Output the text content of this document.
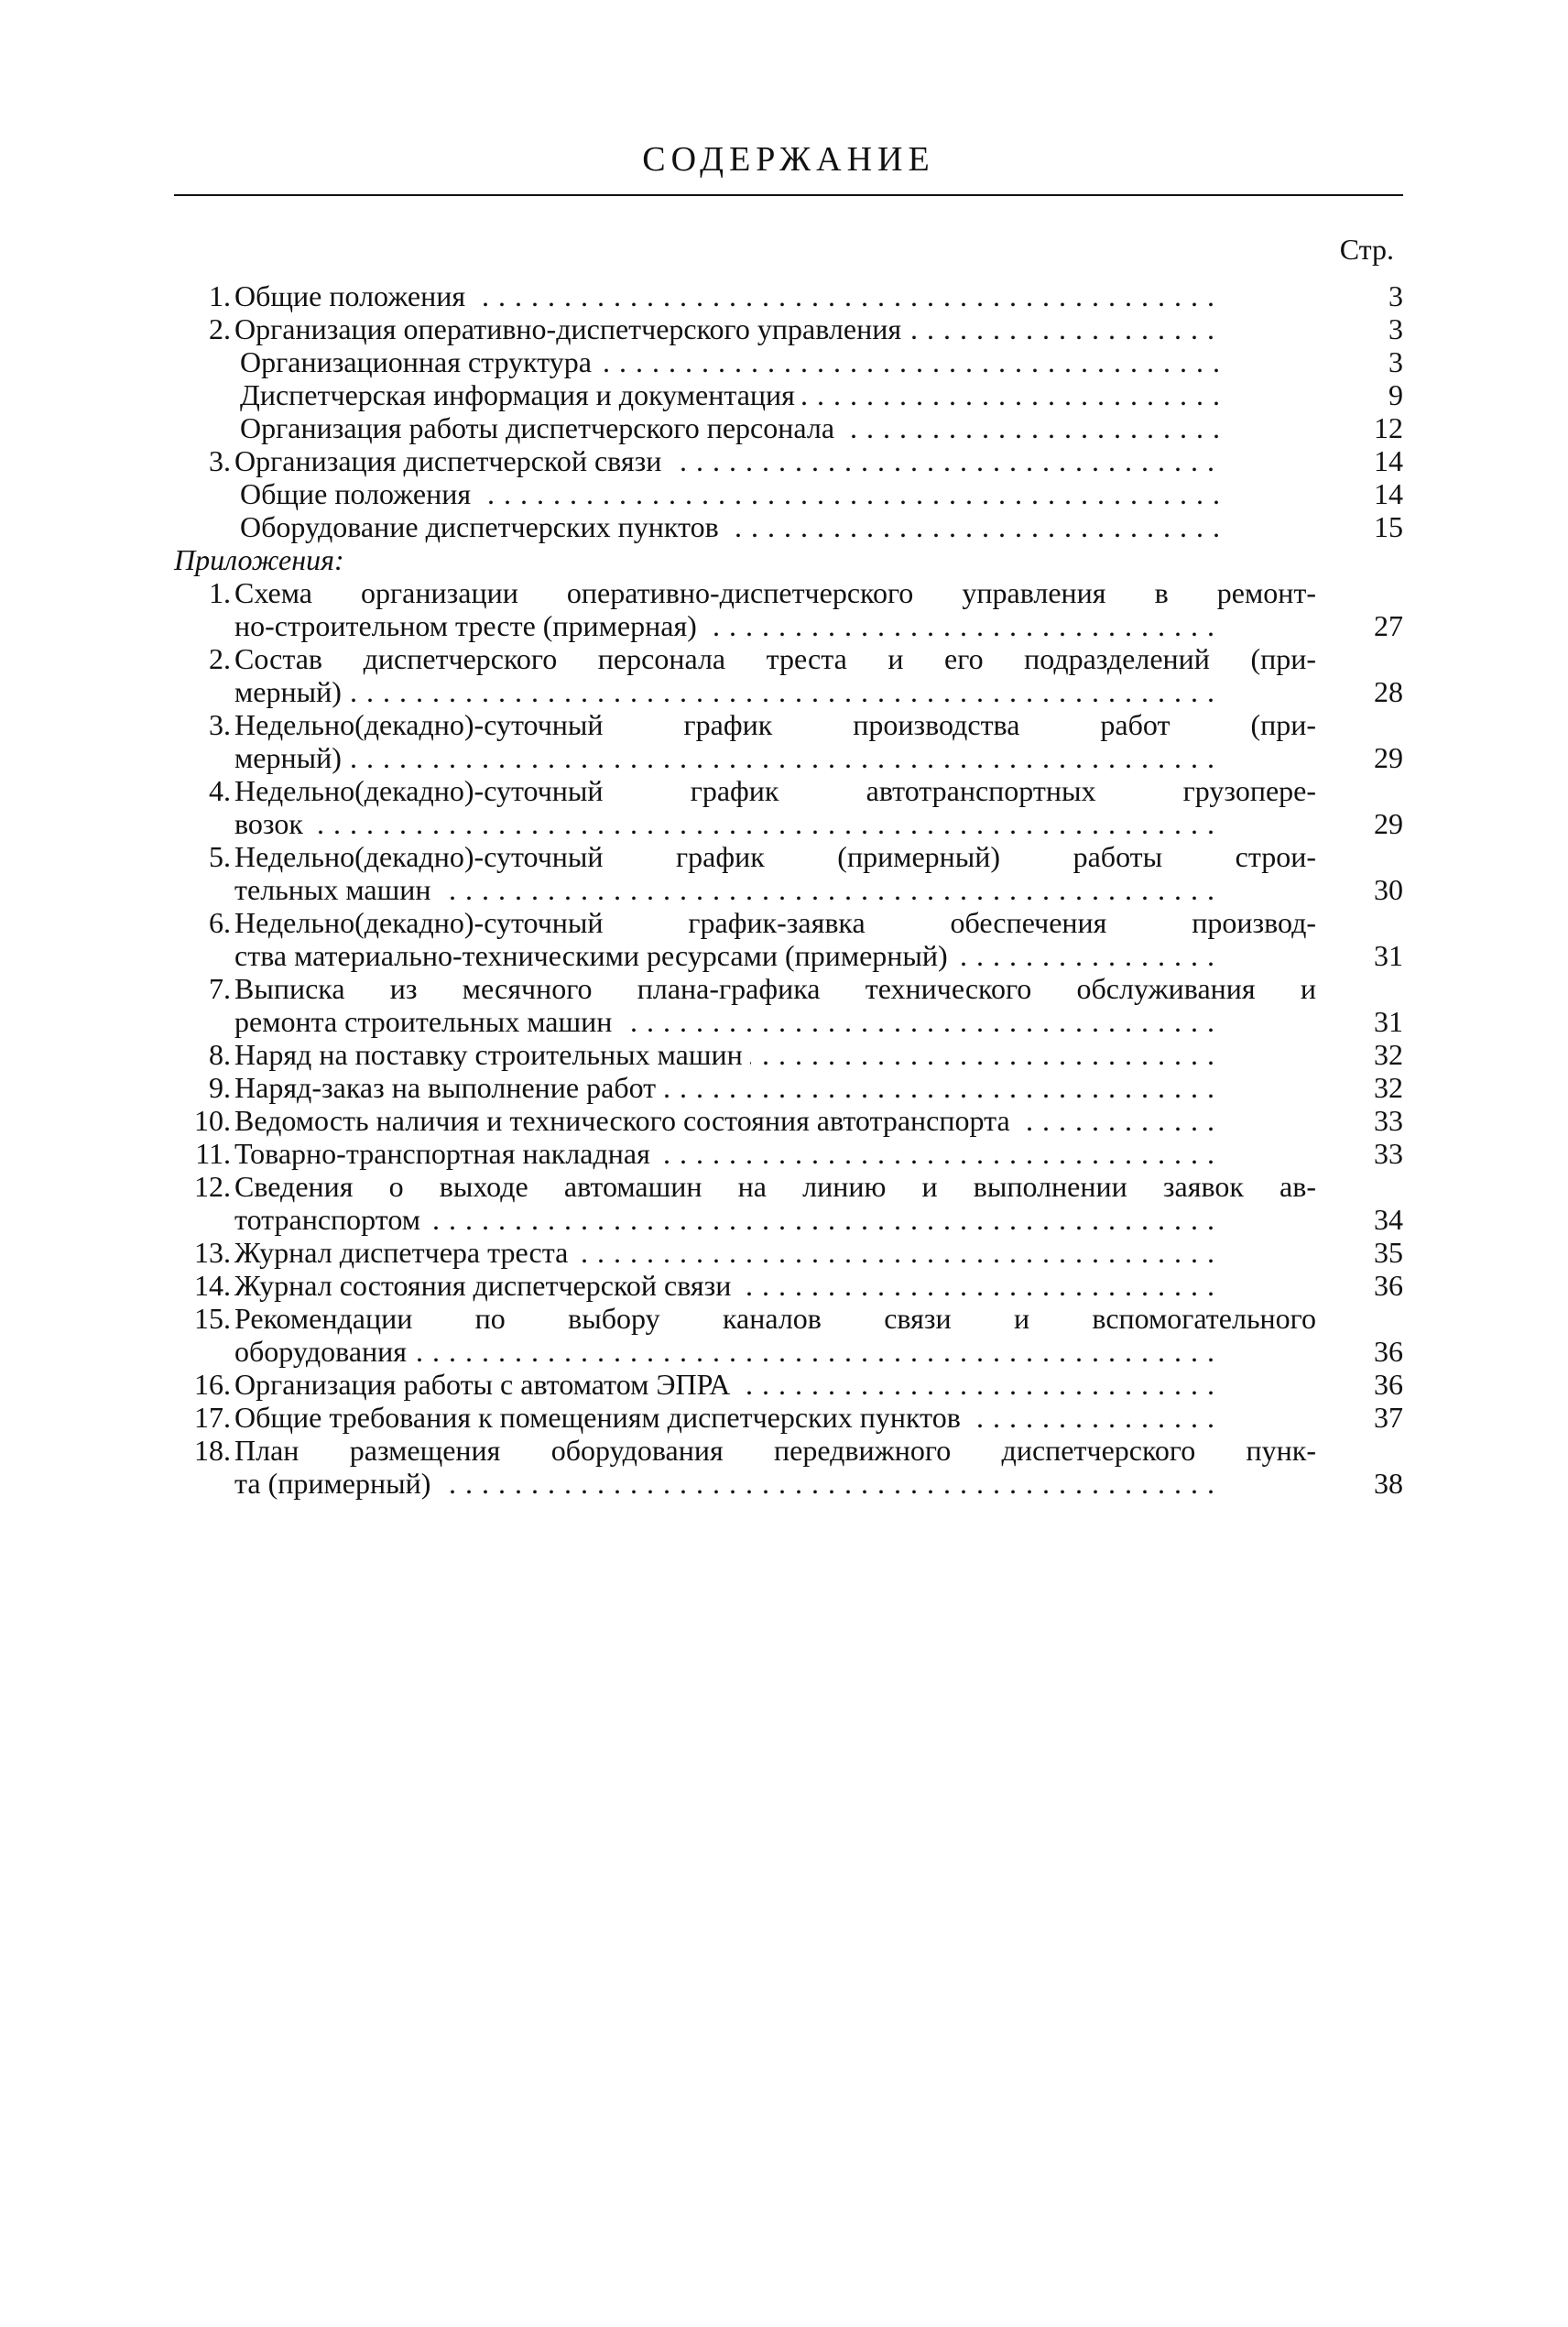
СОДЕРЖАНИЕ
Стр.
1. Общие положения . .	3
2. Организация оперативно-диспетчерского управления . .	3
Организационная структура . .	3
Диспетчерская информация и документация . .	9
Организация работы диспетчерского персонала . .	12
3. Организация диспетчерской связи . .	14
Общие положения . .	14
Оборудование диспетчерских пунктов . .	15
Приложения:
1. Схема организации оперативно-диспетчерского управления в ремонт-
но-строительном тресте (примерная) . .	27
2. Состав диспетчерского персонала треста и его подразделений (при-
мерный) . .	28
3. Недельно(декадно)-суточный график производства работ (при-
мерный) . .	29
4. Недельно(декадно)-суточный график автотранспортных грузопере-
возок . .	29
5. Недельно(декадно)-суточный график (примерный) работы строи-
тельных машин . .	30
6. Недельно(декадно)-суточный график-заявка обеспечения производ-
ства материально-техническими ресурсами (примерный) . .	31
7. Выписка из месячного плана-графика технического обслуживания и
ремонта строительных машин . .	31
8. Наряд на поставку строительных машин . .	32
9. Наряд-заказ на выполнение работ . .	32
10. Ведомость наличия и технического состояния автотранспорта . .	33
11. Товарно-транспортная накладная . .	33
12. Сведения о выходе автомашин на линию и выполнении заявок ав-
тотранспортом . .	34
13. Журнал диспетчера треста . .	35
14. Журнал состояния диспетчерской связи . .	36
15. Рекомендации по выбору каналов связи и вспомогательного
оборудования . .	36
16. Организация работы с автоматом ЭПРА . .	36
17. Общие требования к помещениям диспетчерских пунктов . .	37
18. План размещения оборудования передвижного диспетчерского пунк-
та (примерный) . .	38
